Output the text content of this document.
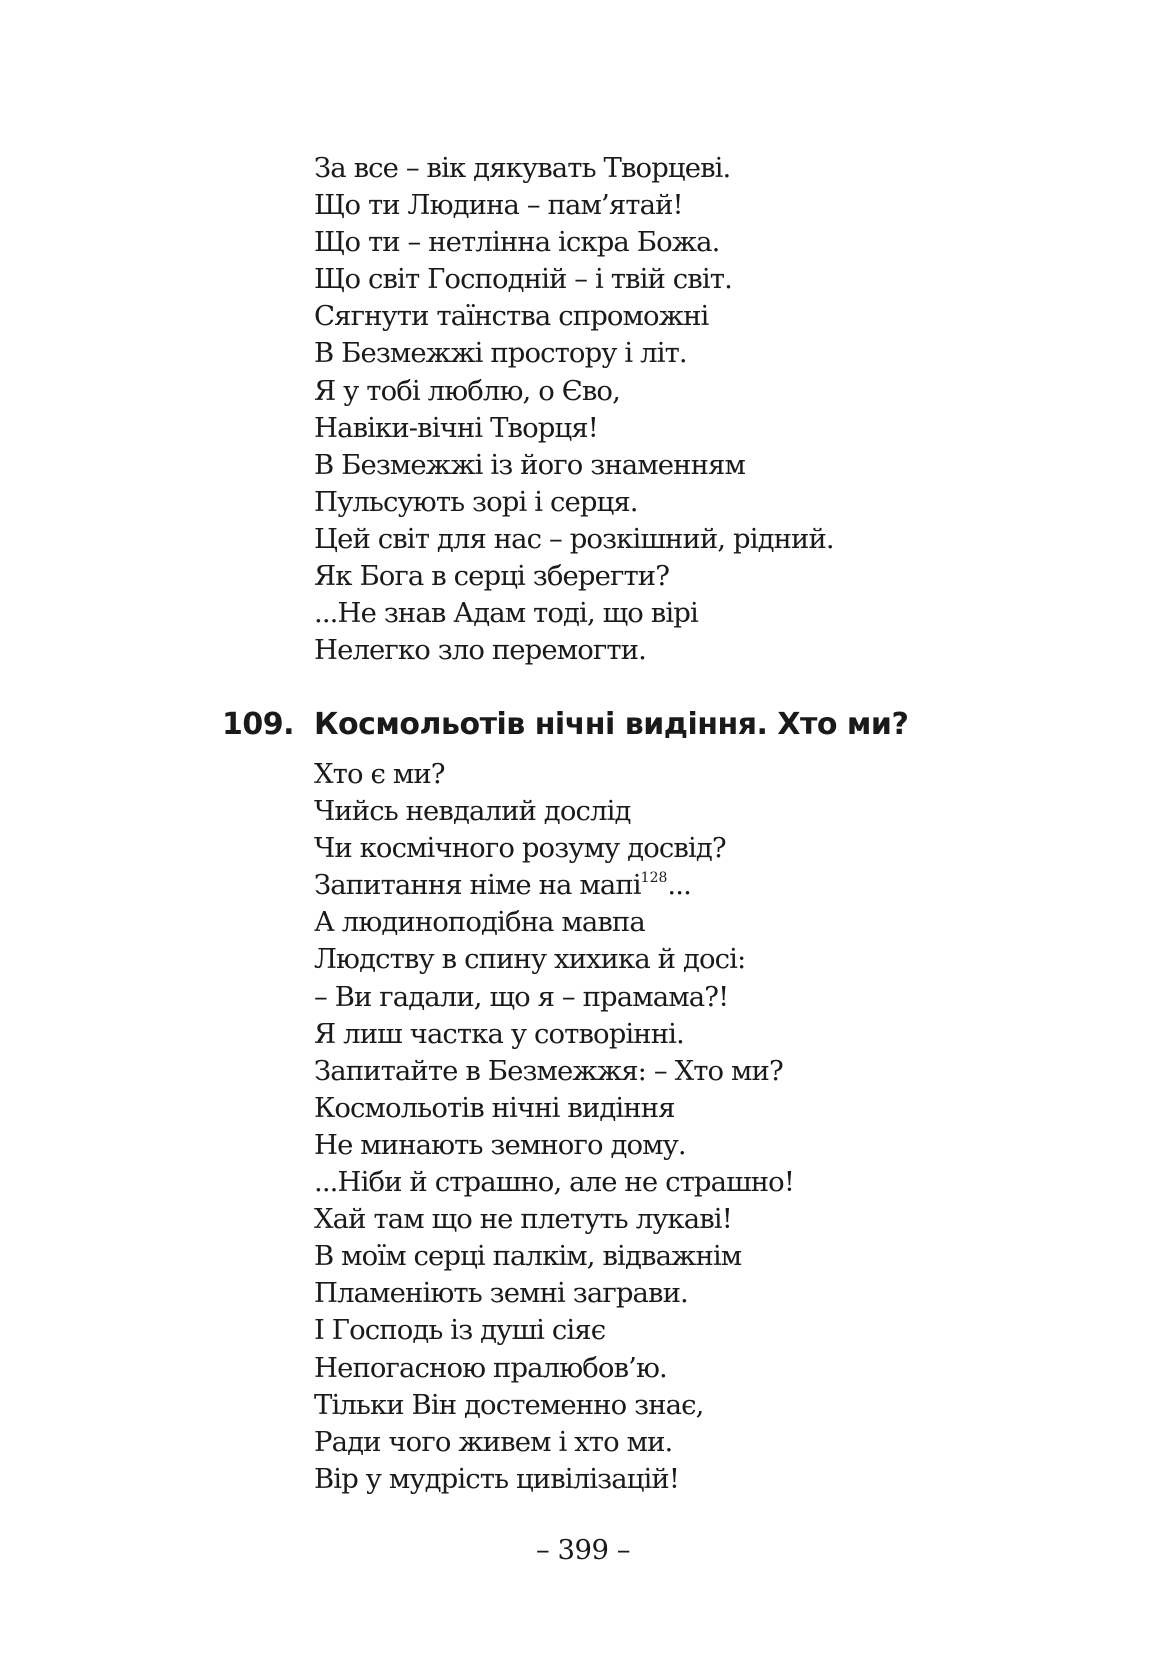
За все – вік дякувать Творцеві.
Що ти Людина – пам’ятай!
Що ти – нетлінна іскра Божа.
Що світ Господній – і твій світ.
Сягнути таїнства спроможні
В Безмежжі простору і літ.
Я у тобі люблю, о Єво,
Навіки-вічні Творця!
В Безмежжі із його знаменням
Пульсують зорі і серця.
Цей світ для нас – розкішний, рідний.
Як Бога в серці зберегти?
...Не знав Адам тоді, що вірі
Нелегко зло перемогти.
109. Космольотів нічні видіння. Хто ми?
Хто є ми?
Чийсь невдалий дослід
Чи космічного розуму досвід?
Запитання німе на мапі$^{128}$...
А людиноподібна мавпа
Людству в спину хихика й досі:
– Ви гадали, що я – прамама?!
Я лиш частка у сотворінні.
Запитайте в Безмежжя: – Хто ми?
Космольотів нічні видіння
Не минають земного дому.
...Ніби й страшно, але не страшно!
Хай там що не плетуть лукаві!
В моїм серці палкім, відважнім
Пламеніють земні заграви.
І Господь із душі сіяє
Непогасною пралюбов’ю.
Тільки Він достеменно знає,
Ради чого живем і хто ми.
Вір у мудрість цивілізацій!
– 399 –
